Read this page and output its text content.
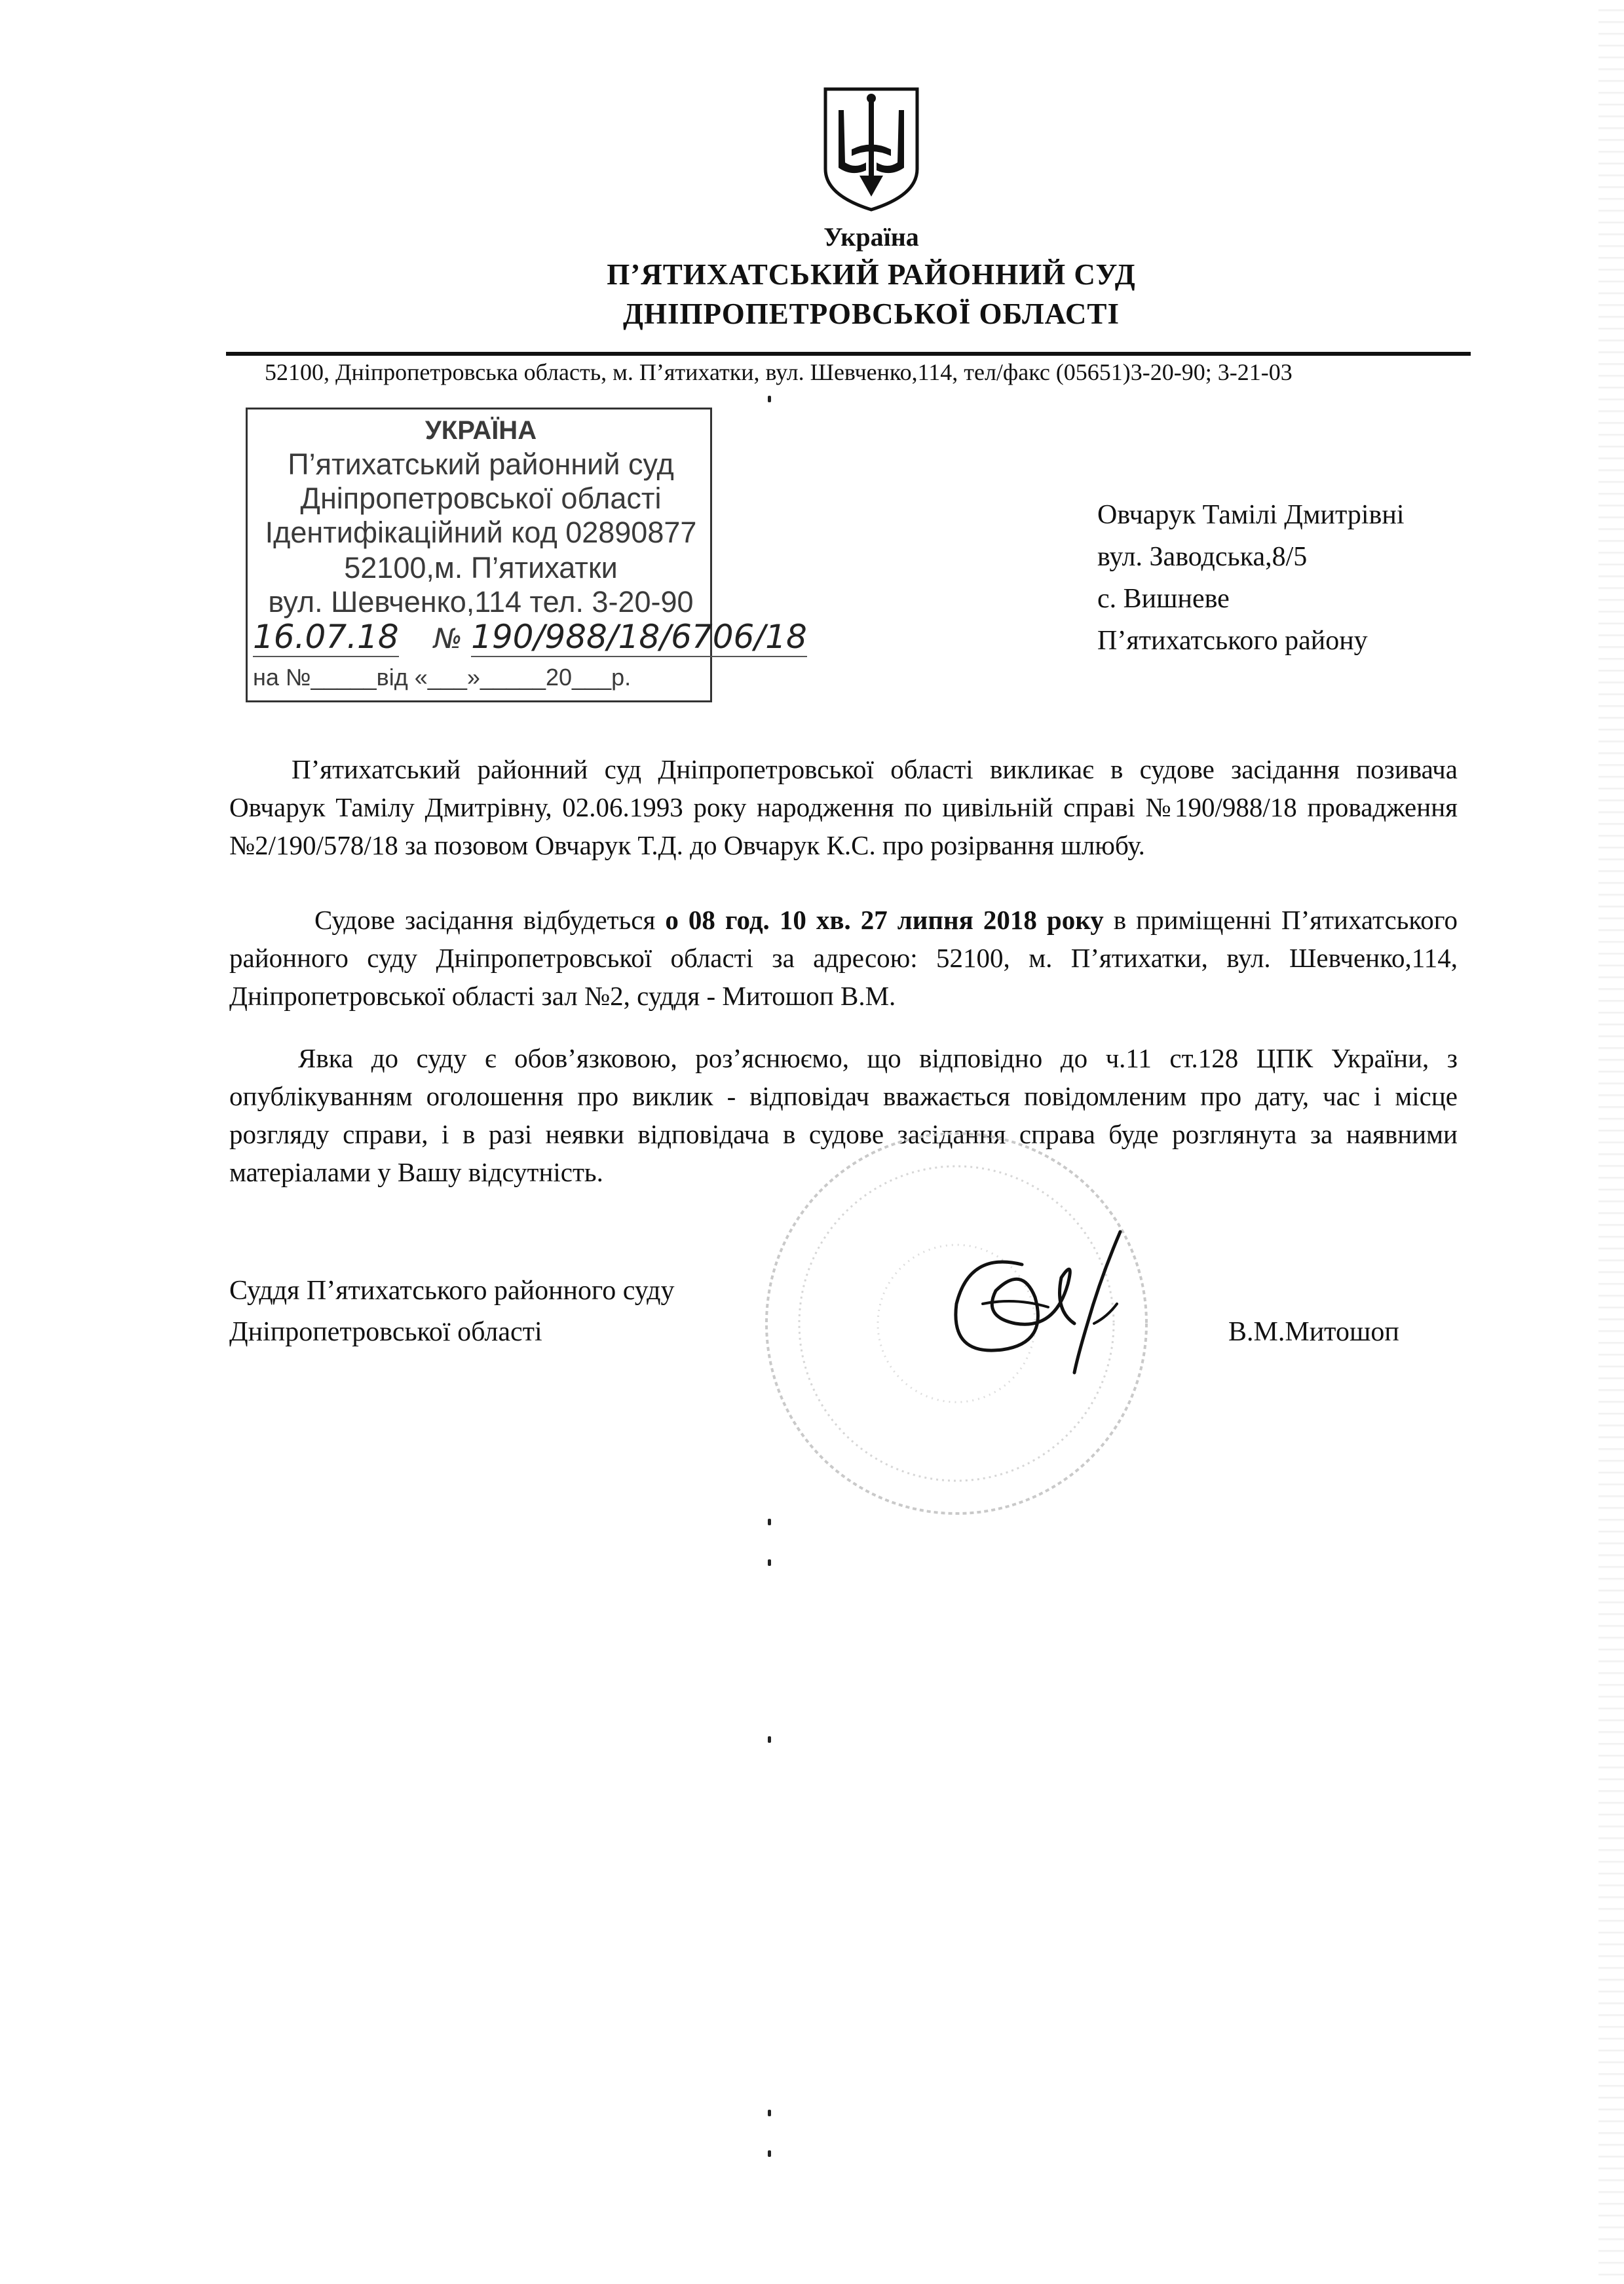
Україна
П’ЯТИХАТСЬКИЙ РАЙОННИЙ СУД
ДНІПРОПЕТРОВСЬКОЇ ОБЛАСТІ
52100, Дніпропетровська область, м. П’ятихатки, вул. Шевченко,114, тел/факс (05651)3-20-90; 3-21-03
УКРАЇНА
П’ятихатський районний суд
Дніпропетровської області
Ідентифікаційний код 02890877
52100,м. П’ятихатки
вул. Шевченко,114 тел. 3-20-90
16.07.18 № 190/988/18/6706/18
на №_____від «___»_____20___р.
Овчарук Тамілі Дмитрівні
вул. Заводська,8/5
с. Вишневе
П’ятихатського району
П’ятихатський районний суд Дніпропетровської області викликає в судове засідання позивача Овчарук Тамілу Дмитрівну, 02.06.1993 року народження по цивільній справі №190/988/18 провадження №2/190/578/18 за позовом Овчарук Т.Д. до Овчарук К.С. про розірвання шлюбу.
Судове засідання відбудеться о 08 год. 10 хв. 27 липня 2018 року в приміщенні П’ятихатського районного суду Дніпропетровської області за адресою: 52100, м. П’ятихатки, вул. Шевченко,114, Дніпропетровської області зал №2, суддя - Митошоп В.М.
Явка до суду є обов’язковою, роз’яснюємо, що відповідно до ч.11 ст.128 ЦПК України, з опублікуванням оголошення про виклик - відповідач вважається повідомленим про дату, час і місце розгляду справи, і в разі неявки відповідача в судове засідання справа буде розглянута за наявними матеріалами у Вашу відсутність.
Суддя П’ятихатського районного суду
Дніпропетровської області	В.М.Митошоп
